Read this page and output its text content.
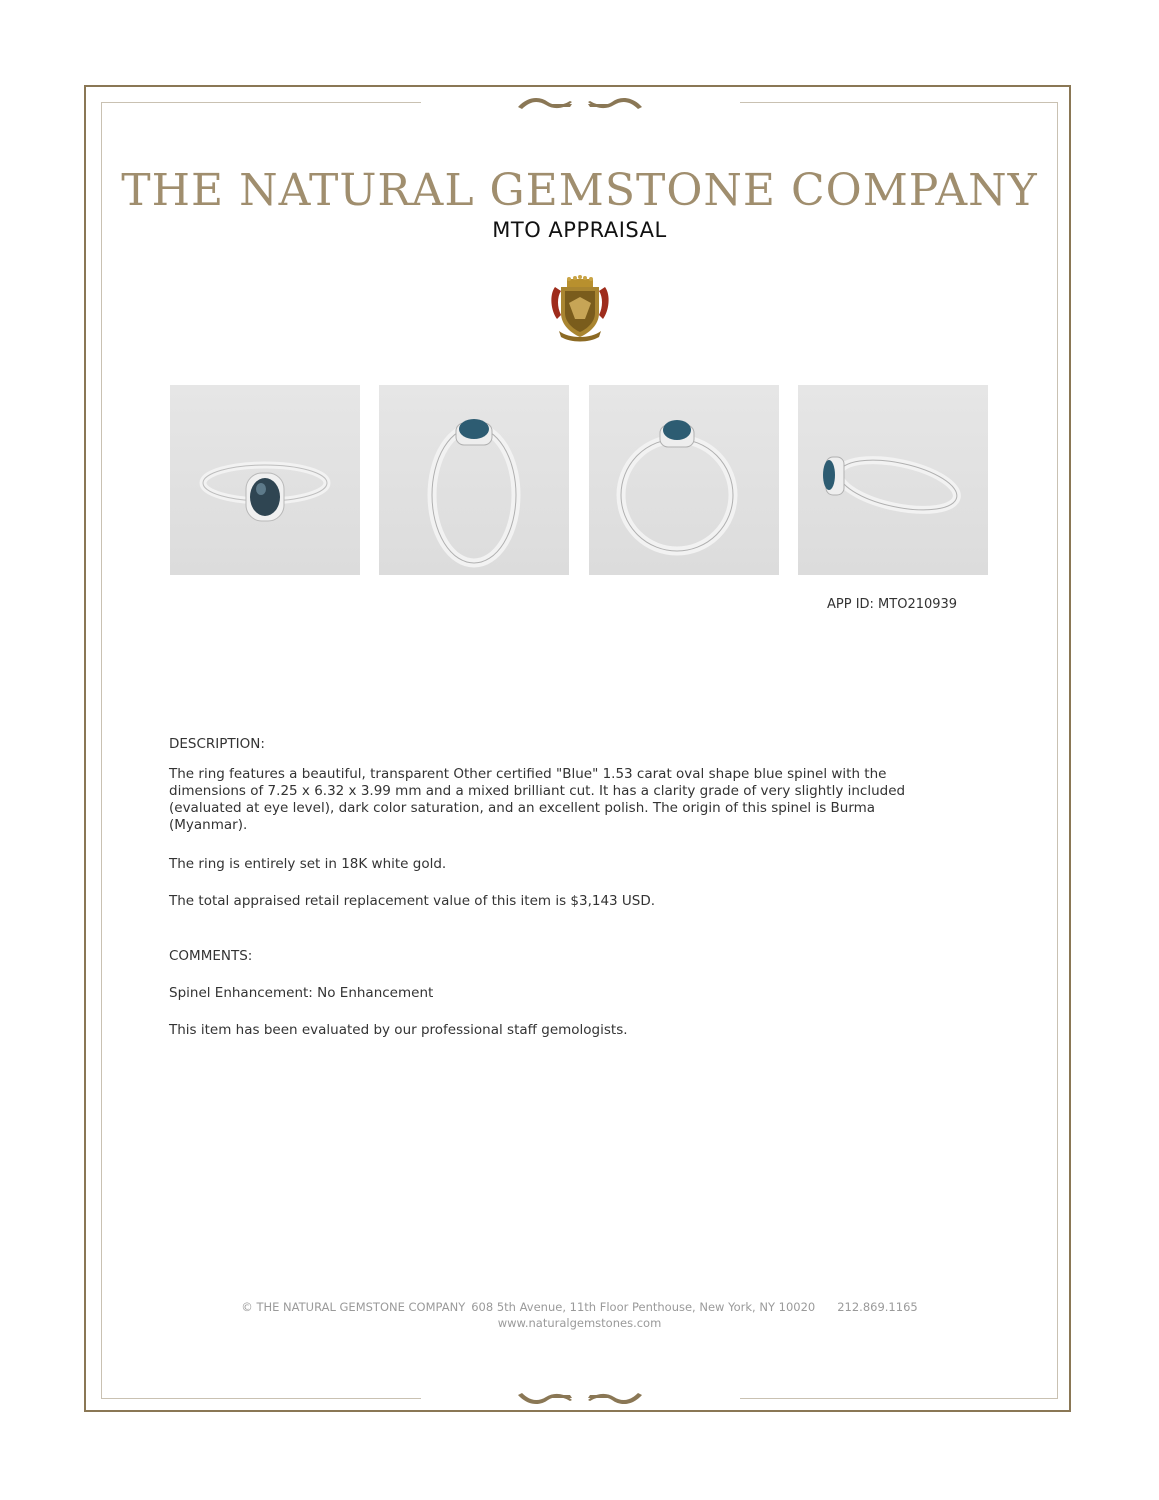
THE NATURAL GEMSTONE COMPANY
MTO APPRAISAL
APP ID: MTO210939
DESCRIPTION:
The ring features a beautiful, transparent Other certified "Blue" 1.53 carat oval shape blue spinel with the dimensions of 7.25 x 6.32 x 3.99 mm and a mixed brilliant cut. It has a clarity grade of very slightly included (evaluated at eye level), dark color saturation, and an excellent polish. The origin of this spinel is Burma (Myanmar).
The ring is entirely set in 18K white gold.
The total appraised retail replacement value of this item is $3,143 USD.
COMMENTS:
Spinel Enhancement: No Enhancement
This item has been evaluated by our professional staff gemologists.
© THE NATURAL GEMSTONE COMPANY 608 5th Avenue, 11th Floor Penthouse, New York, NY 10020 212.869.1165
www.naturalgemstones.com
